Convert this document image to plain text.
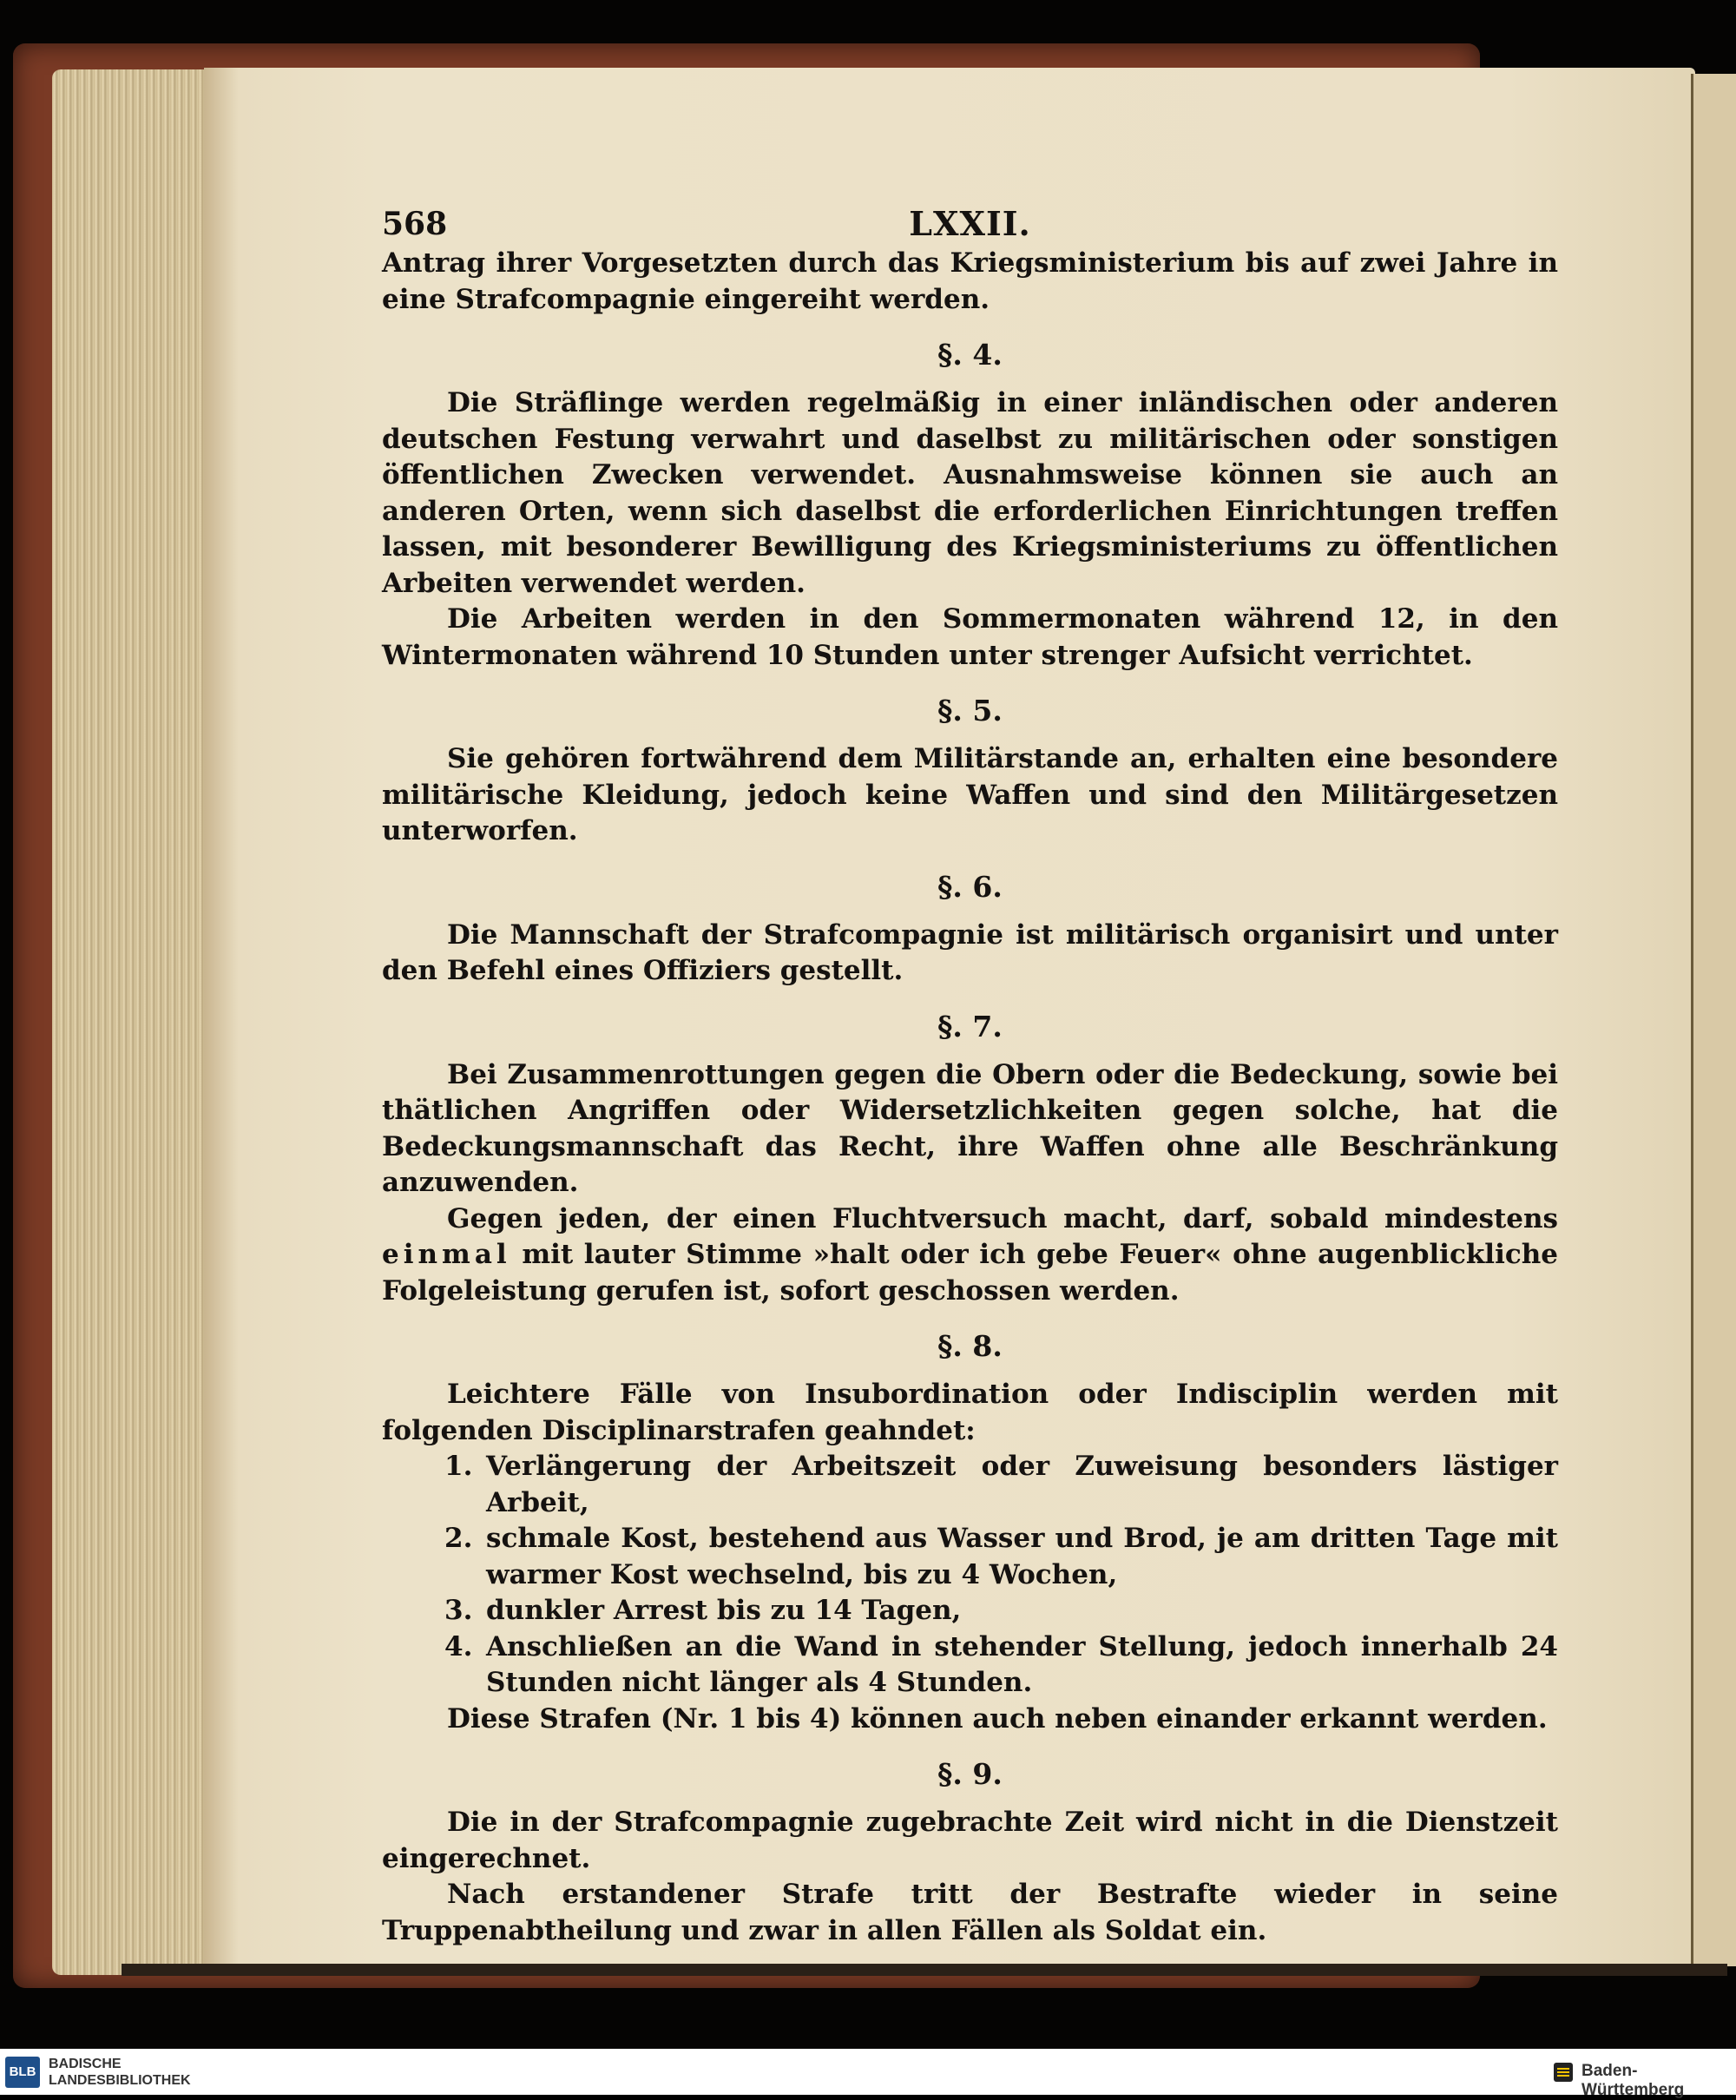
568	LXXII.

Antrag ihrer Vorgesetzten durch das Kriegsministerium bis auf zwei Jahre in eine Strafcompagnie eingereiht werden.

§. 4.

Die Sträflinge werden regelmäßig in einer inländischen oder anderen deutschen Festung verwahrt und daselbst zu militärischen oder sonstigen öffentlichen Zwecken verwendet. Ausnahmsweise können sie auch an anderen Orten, wenn sich daselbst die erforderlichen Einrichtungen treffen lassen, mit besonderer Bewilligung des Kriegsministeriums zu öffentlichen Arbeiten verwendet werden.

Die Arbeiten werden in den Sommermonaten während 12, in den Wintermonaten während 10 Stunden unter strenger Aufsicht verrichtet.

§. 5.

Sie gehören fortwährend dem Militärstande an, erhalten eine besondere militärische Kleidung, jedoch keine Waffen und sind den Militärgesetzen unterworfen.

§. 6.

Die Mannschaft der Strafcompagnie ist militärisch organisirt und unter den Befehl eines Offiziers gestellt.

§. 7.

Bei Zusammenrottungen gegen die Obern oder die Bedeckung, sowie bei thätlichen Angriffen oder Widersetzlichkeiten gegen solche, hat die Bedeckungsmannschaft das Recht, ihre Waffen ohne alle Beschränkung anzuwenden.

Gegen jeden, der einen Fluchtversuch macht, darf, sobald mindestens einmal mit lauter Stimme »halt oder ich gebe Feuer« ohne augenblickliche Folgeleistung gerufen ist, sofort geschossen werden.

§. 8.

Leichtere Fälle von Insubordination oder Indisciplin werden mit folgenden Disciplinarstrafen geahndet:

1. Verlängerung der Arbeitszeit oder Zuweisung besonders lästiger Arbeit,
2. schmale Kost, bestehend aus Wasser und Brod, je am dritten Tage mit warmer Kost wechselnd, bis zu 4 Wochen,
3. dunkler Arrest bis zu 14 Tagen,
4. Anschließen an die Wand in stehender Stellung, jedoch innerhalb 24 Stunden nicht länger als 4 Stunden.

Diese Strafen (Nr. 1 bis 4) können auch neben einander erkannt werden.

§. 9.

Die in der Strafcompagnie zugebrachte Zeit wird nicht in die Dienstzeit eingerechnet.

Nach erstandener Strafe tritt der Bestrafte wieder in seine Truppenabtheilung und zwar in allen Fällen als Soldat ein.

BLB
BADISCHE
LANDESBIBLIOTHEK
Baden-Württemberg
